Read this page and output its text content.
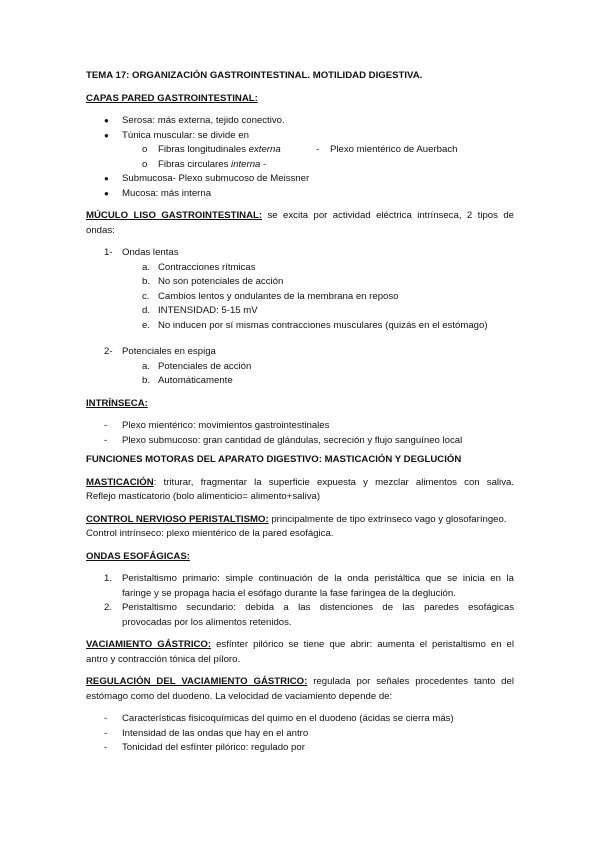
TEMA 17: ORGANIZACIÓN GASTROINTESTINAL. MOTILIDAD DIGESTIVA.
CAPAS PARED GASTROINTESTINAL:
● Serosa: más externa, tejido conectivo.
● Túnica muscular: se divide en
o Fibras longitudinales externa	- Plexo mientérico de Auerbach
o Fibras circulares interna -
● Submucosa- Plexo submucoso de Meissner
● Mucosa: más interna
MÚCULO LISO GASTROINTESTINAL: se excita por actividad eléctrica intrínseca, 2 tipos de
ondas:
1- Ondas lentas
a. Contracciones rítmicas
b. No son potenciales de acción
c. Cambios lentos y ondulantes de la membrana en reposo
d. INTENSIDAD: 5-15 mV
e. No inducen por sí mismas contracciones musculares (quizás en el estómago)
2- Potenciales en espiga
a. Potenciales de acción
b. Automáticamente
INTRÍNSECA:
- Plexo mientérico: movimientos gastrointestinales
- Plexo submucoso: gran cantidad de glándulas, secreción y flujo sanguíneo local
FUNCIONES MOTORAS DEL APARATO DIGESTIVO: MASTICACIÓN Y DEGLUCIÓN
MASTICACIÓN: triturar, fragmentar la superficie expuesta y mezclar alimentos con saliva.
Reflejo masticatorio (bolo alimenticio= alimento+saliva)
CONTROL NERVIOSO PERISTALTISMO: principalmente de tipo extrínseco vago y glosofaríngeo.
Control intrínseco: plexo mientérico de la pared esofágica.
ONDAS ESOFÁGICAS:
1. Peristaltismo primario: simple continuación de la onda peristáltica que se inicia en la
faringe y se propaga hacia el esófago durante la fase faríngea de la deglución.
2. Peristaltismo secundario: debida a las distenciones de las paredes esofágicas
provocadas por los alimentos retenidos.
VACIAMIENTO GÁSTRICO: esfínter pilórico se tiene que abrir: aumenta el peristaltismo en el
antro y contracción tónica del píloro.
REGULACIÓN DEL VACIAMIENTO GÁSTRICO: regulada por señales procedentes tanto del
estómago como del duodeno. La velocidad de vaciamiento depende de:
- Características fisicoquímicas del quimo en el duodeno (ácidas se cierra más)
- Intensidad de las ondas que hay en el antro
- Tonicidad del esfínter pilórico: regulado por
